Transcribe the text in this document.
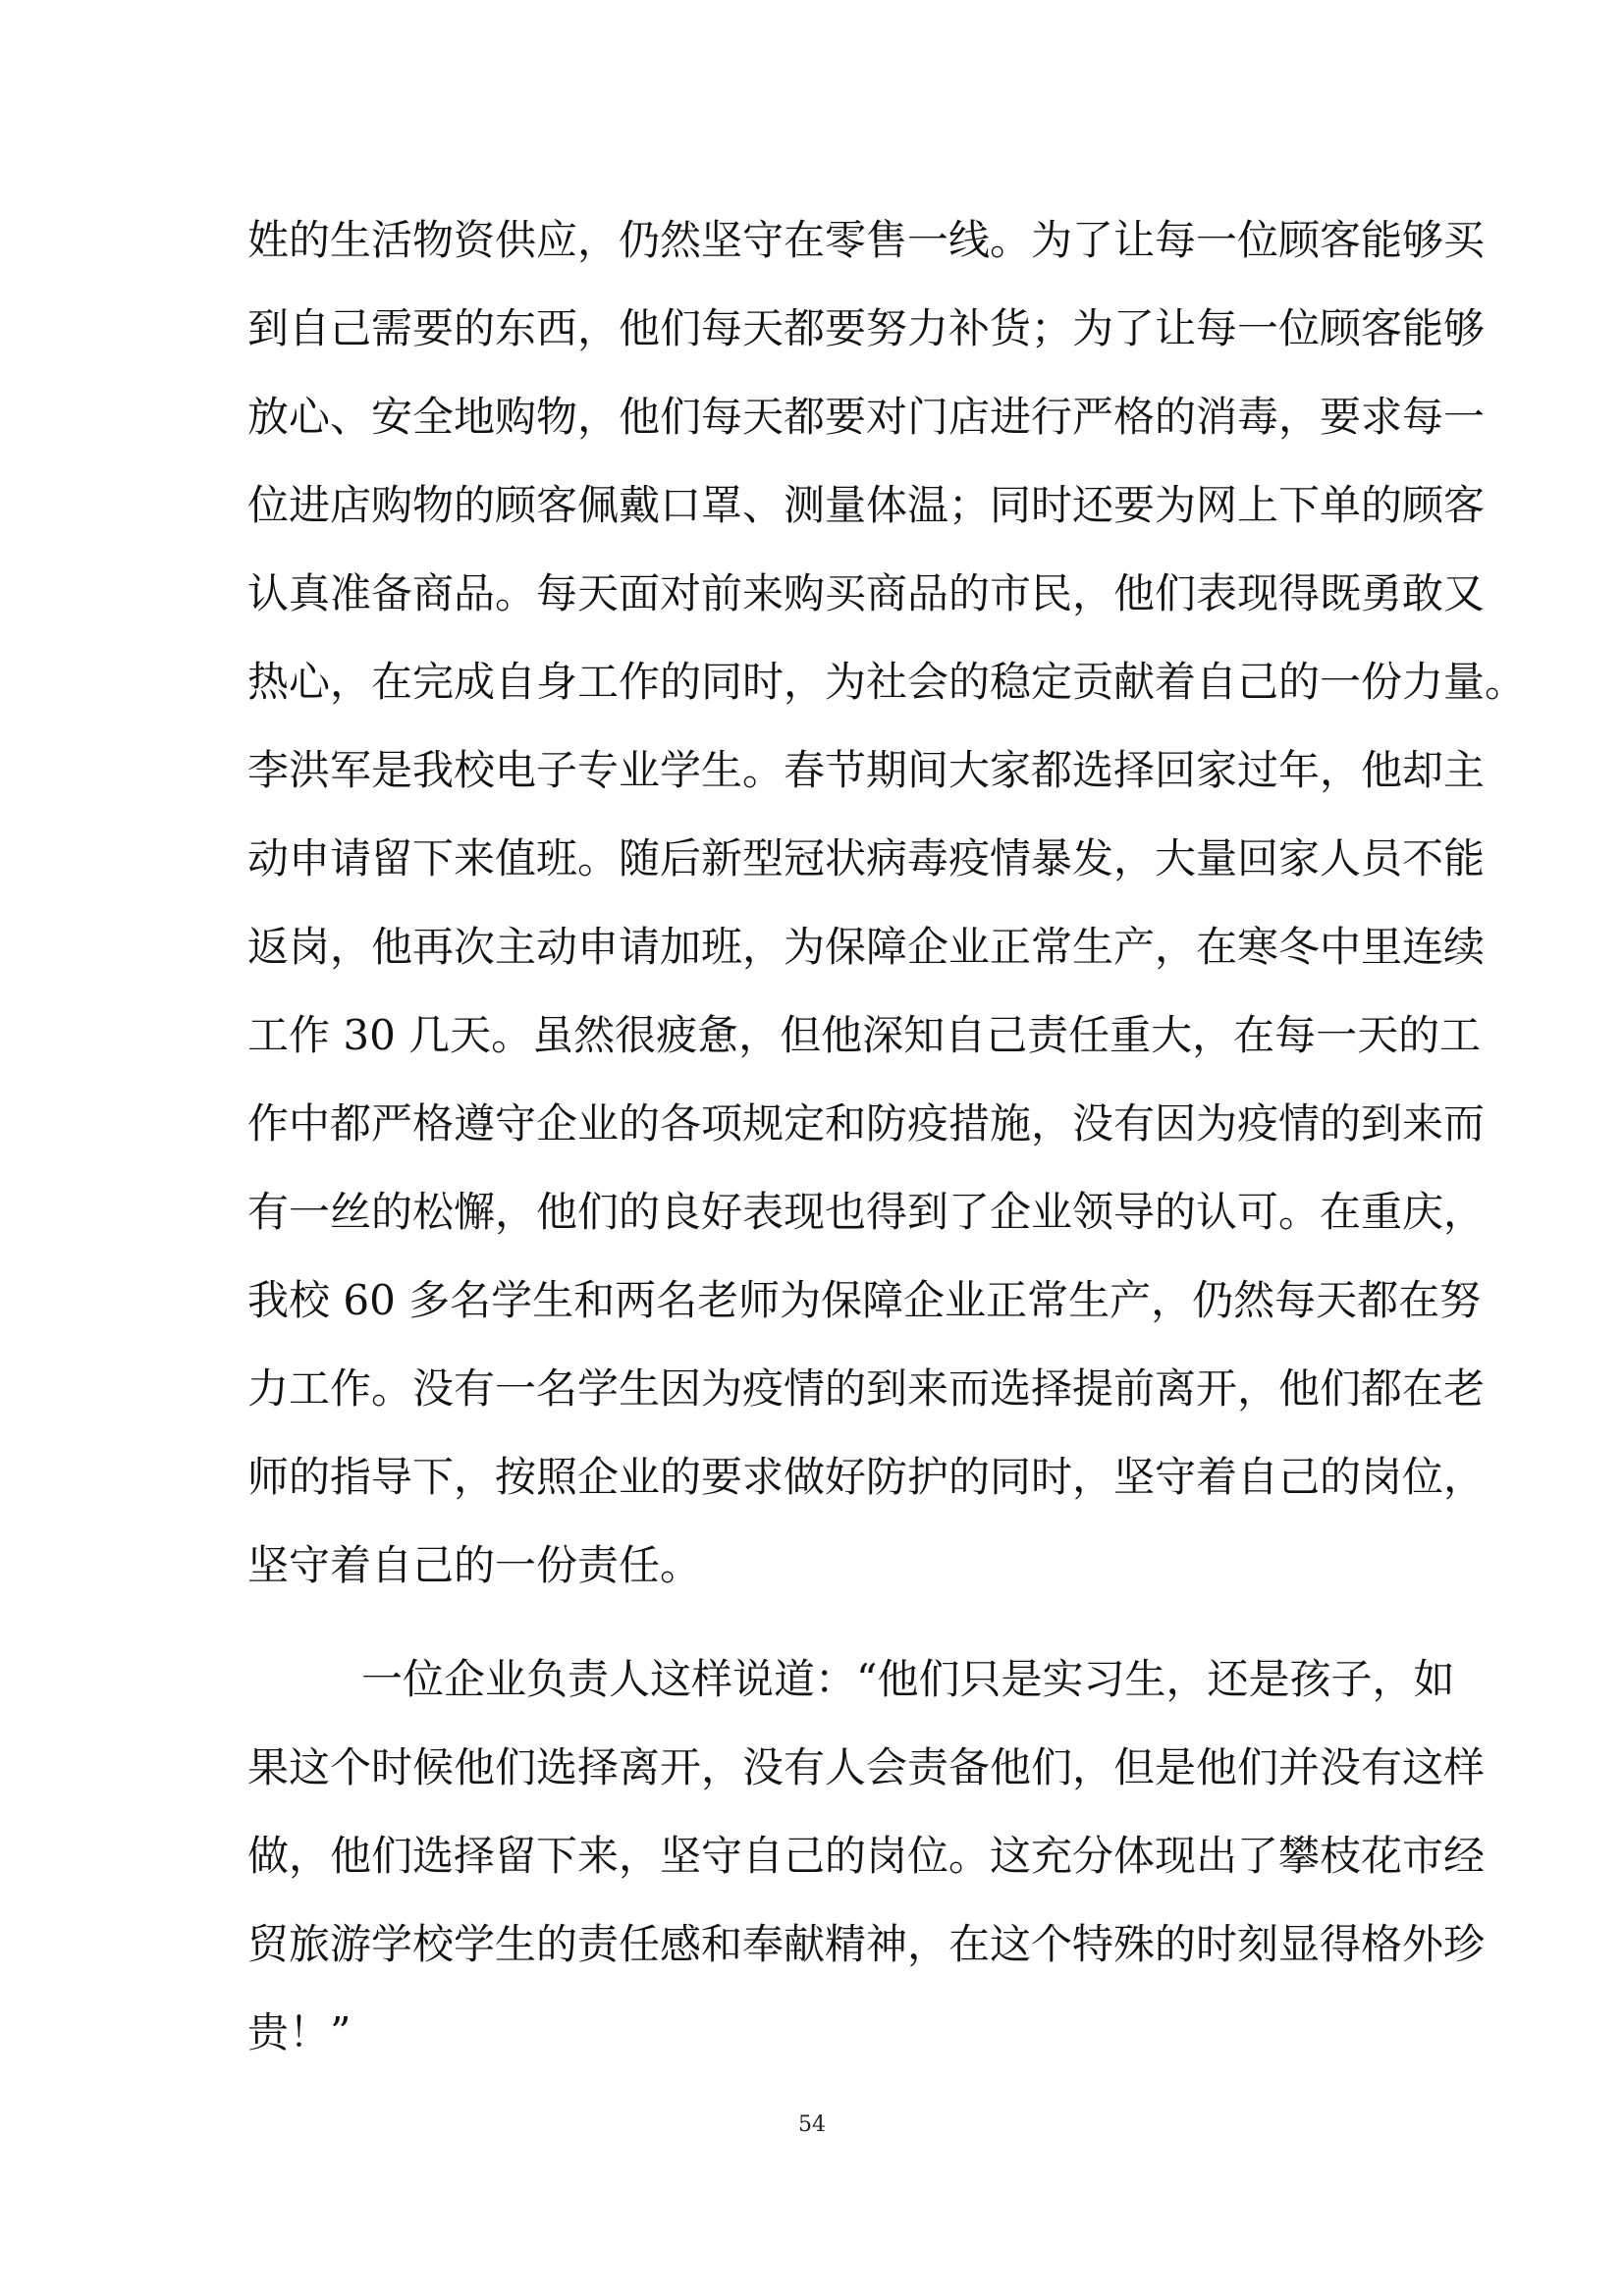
姓的生活物资供应，仍然坚守在零售一线。为了让每一位顾客能够买
到自己需要的东西，他们每天都要努力补货；为了让每一位顾客能够
放心、安全地购物，他们每天都要对门店进行严格的消毒，要求每一
位进店购物的顾客佩戴口罩、测量体温；同时还要为网上下单的顾客
认真准备商品。每天面对前来购买商品的市民，他们表现得既勇敢又
热心，在完成自身工作的同时，为社会的稳定贡献着自己的一份力量。
李洪军是我校电子专业学生。春节期间大家都选择回家过年，他却主
动申请留下来值班。随后新型冠状病毒疫情暴发，大量回家人员不能
返岗，他再次主动申请加班，为保障企业正常生产，在寒冬中里连续
工作 30 几天。虽然很疲惫，但他深知自己责任重大，在每一天的工
作中都严格遵守企业的各项规定和防疫措施，没有因为疫情的到来而
有一丝的松懈，他们的良好表现也得到了企业领导的认可。在重庆，
我校 60 多名学生和两名老师为保障企业正常生产，仍然每天都在努
力工作。没有一名学生因为疫情的到来而选择提前离开，他们都在老
师的指导下，按照企业的要求做好防护的同时，坚守着自己的岗位，
坚守着自己的一份责任。
一位企业负责人这样说道：“他们只是实习生，还是孩子，如
果这个时候他们选择离开，没有人会责备他们，但是他们并没有这样
做，他们选择留下来，坚守自己的岗位。这充分体现出了攀枝花市经
贸旅游学校学生的责任感和奉献精神，在这个特殊的时刻显得格外珍
贵！”
54
